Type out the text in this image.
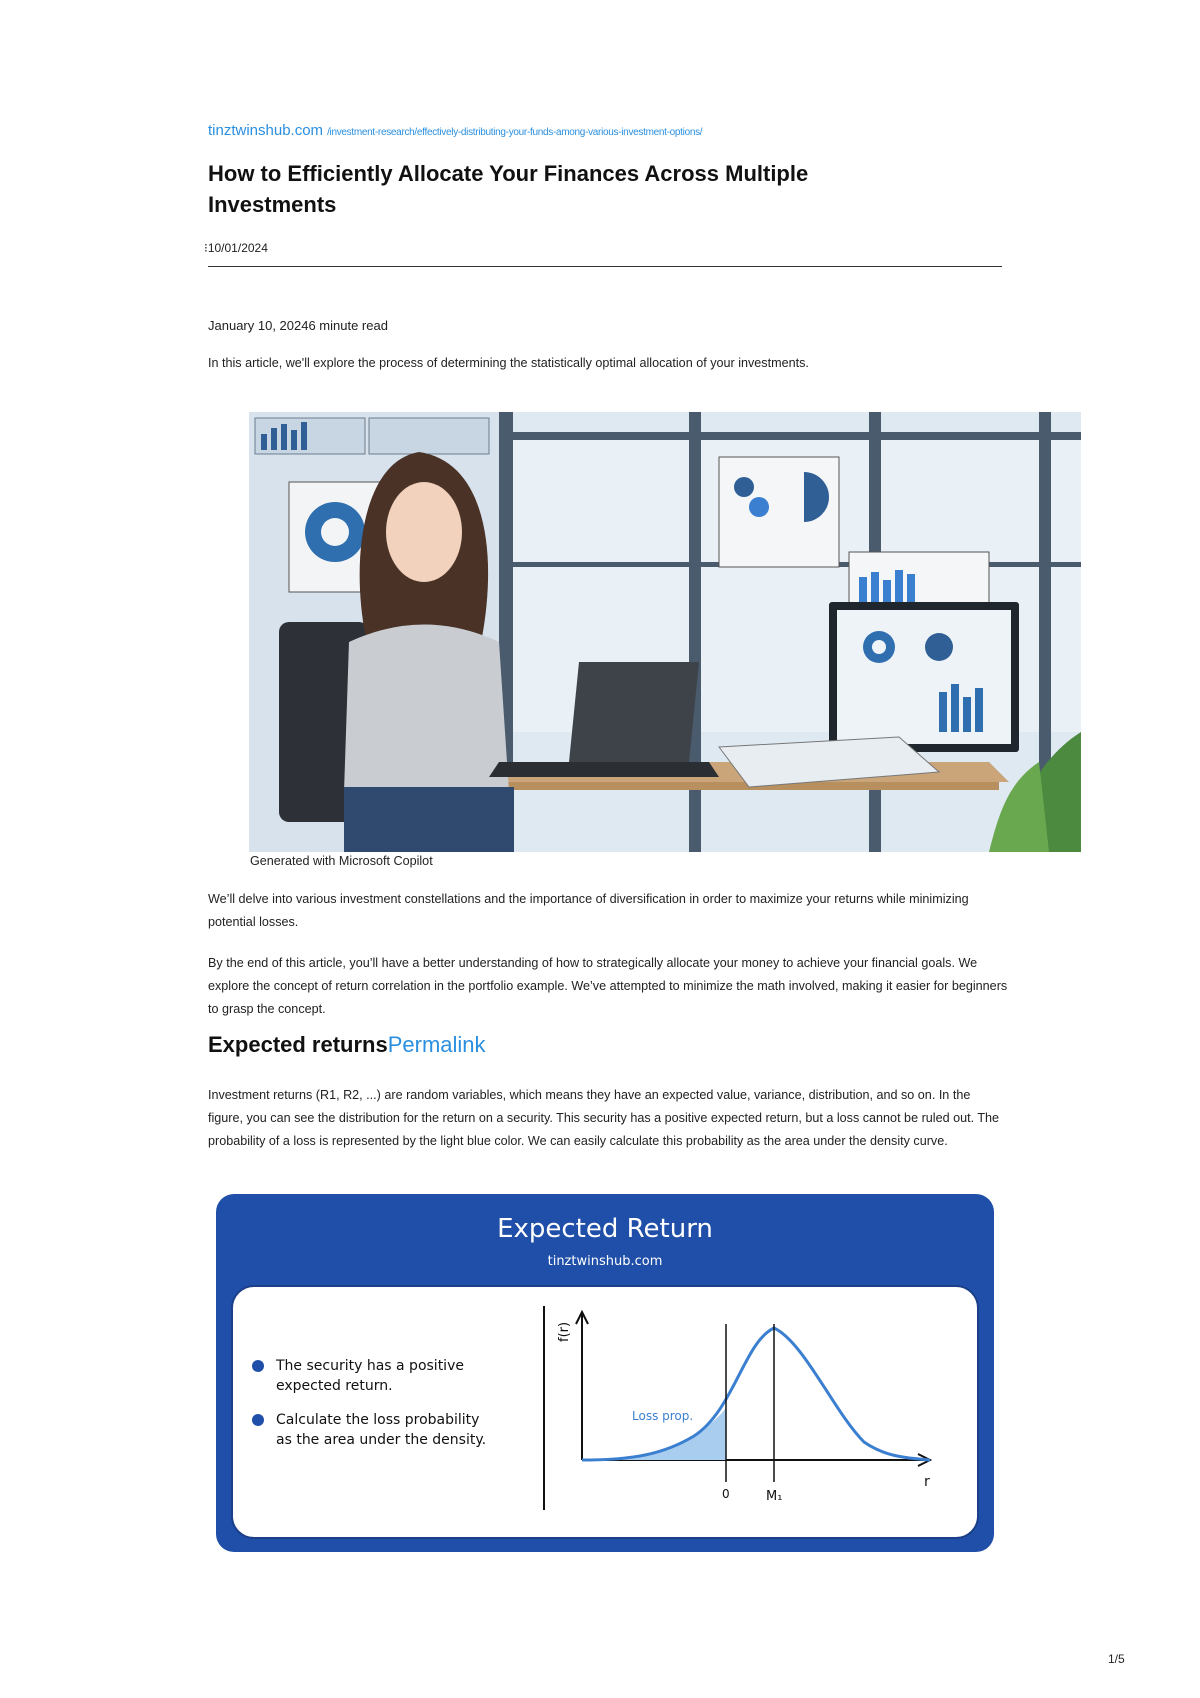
tinztwinshub.com /investment-research/effectively-distributing-your-funds-among-various-investment-options/
How to Efficiently Allocate Your Finances Across Multiple Investments
⁝10/01/2024
January 10, 20246 minute read

In this article, we'll explore the process of determining the statistically optimal allocation of your investments.

Generated with Microsoft Copilot

We’ll delve into various investment constellations and the importance of diversification in order to maximize your returns while minimizing potential losses.

By the end of this article, you’ll have a better understanding of how to strategically allocate your money to achieve your financial goals. We explore the concept of return correlation in the portfolio example. We’ve attempted to minimize the math involved, making it easier for beginners to grasp the concept.

Expected returnsPermalink

Investment returns (R1, R2, ...) are random variables, which means they have an expected value, variance, distribution, and so on. In the figure, you can see the distribution for the return on a security. This security has a positive expected return, but a loss cannot be ruled out. The probability of a loss is represented by the light blue color. We can easily calculate this probability as the area under the density curve.

Expected Return
tinztwinshub.com
The security has a positive
expected return.
Calculate the loss probability
as the area under the density.
f(r)
r
0	M₁
Loss prop.
1/5
